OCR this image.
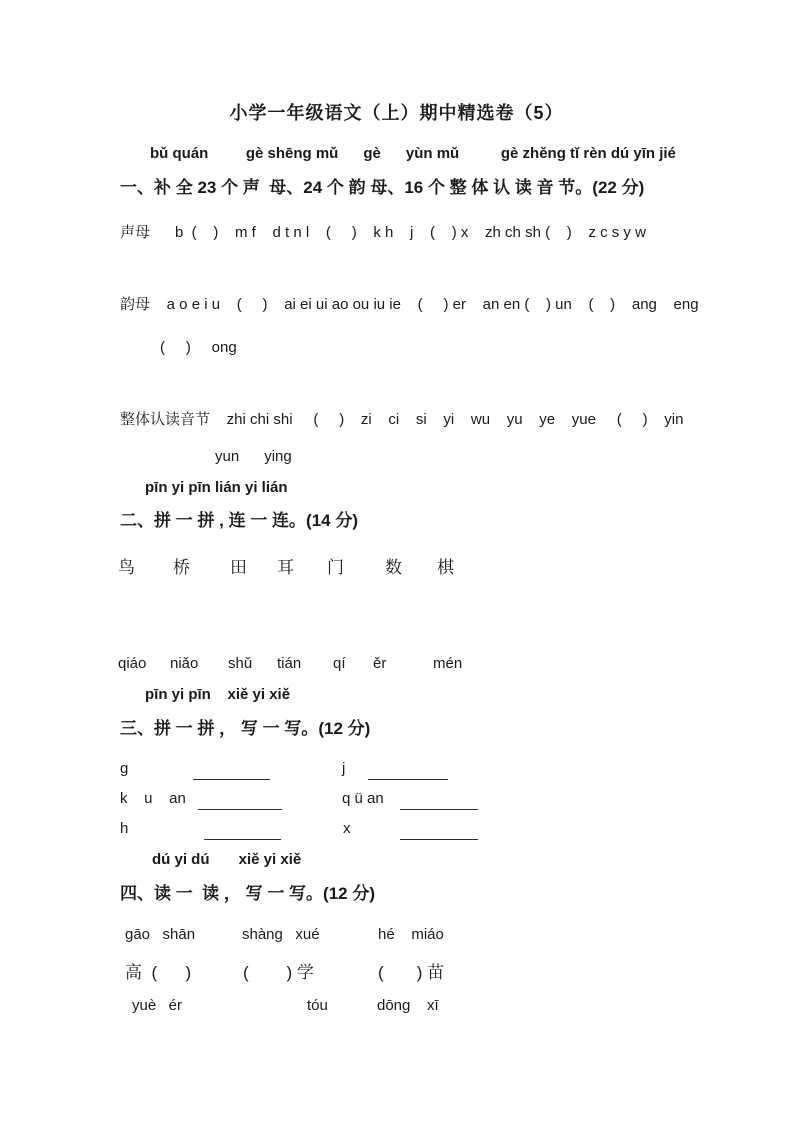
小学一年级语文（上）期中精选卷（5）
bǔ quán         gè shēng mǔ      gè      yùn mǔ          gè zhěng tǐ rèn dú yīn jié
一、补 全 23 个 声  母、24 个 韵 母、16 个 整 体 认 读 音 节。(22 分)
声母      b  (    )    m f    d t n l    (     )    k h    j    (    ) x    zh ch sh (    )    z c s y w
韵母    a o e i u    (     )    ai ei ui ao ou iu ie    (     ) er    an en (    ) un    (    )    ang    eng
(     )     ong
整体认读音节    zhi chi shi     (     )    zi    ci    si    yi    wu    yu    ye    yue     (     )    yin
yun      ying
pīn yi pīn lián yi lián
二、拼 一 拼 , 连 一 连。(14 分)

鸟

桥

田

耳

门

数

棋

qiáo

niǎo

shǔ

tián

qí

ěr

	mén

pīn yi pīn    xiě yi xiě
三、拼 一 拼 ， 写 一 写。(12 分)

g

	j

k    u    an

	q ü an

h

	x

dú yi dú       xiě yi xiě
四、读 一  读 ， 写 一 写。(12 分)

gāo   shān

	shàng   xué

	hé    miáo

高  (      )

	(        ) 学

	(       ) 苗

yuè   ér

	tóu

	dōng    xī
